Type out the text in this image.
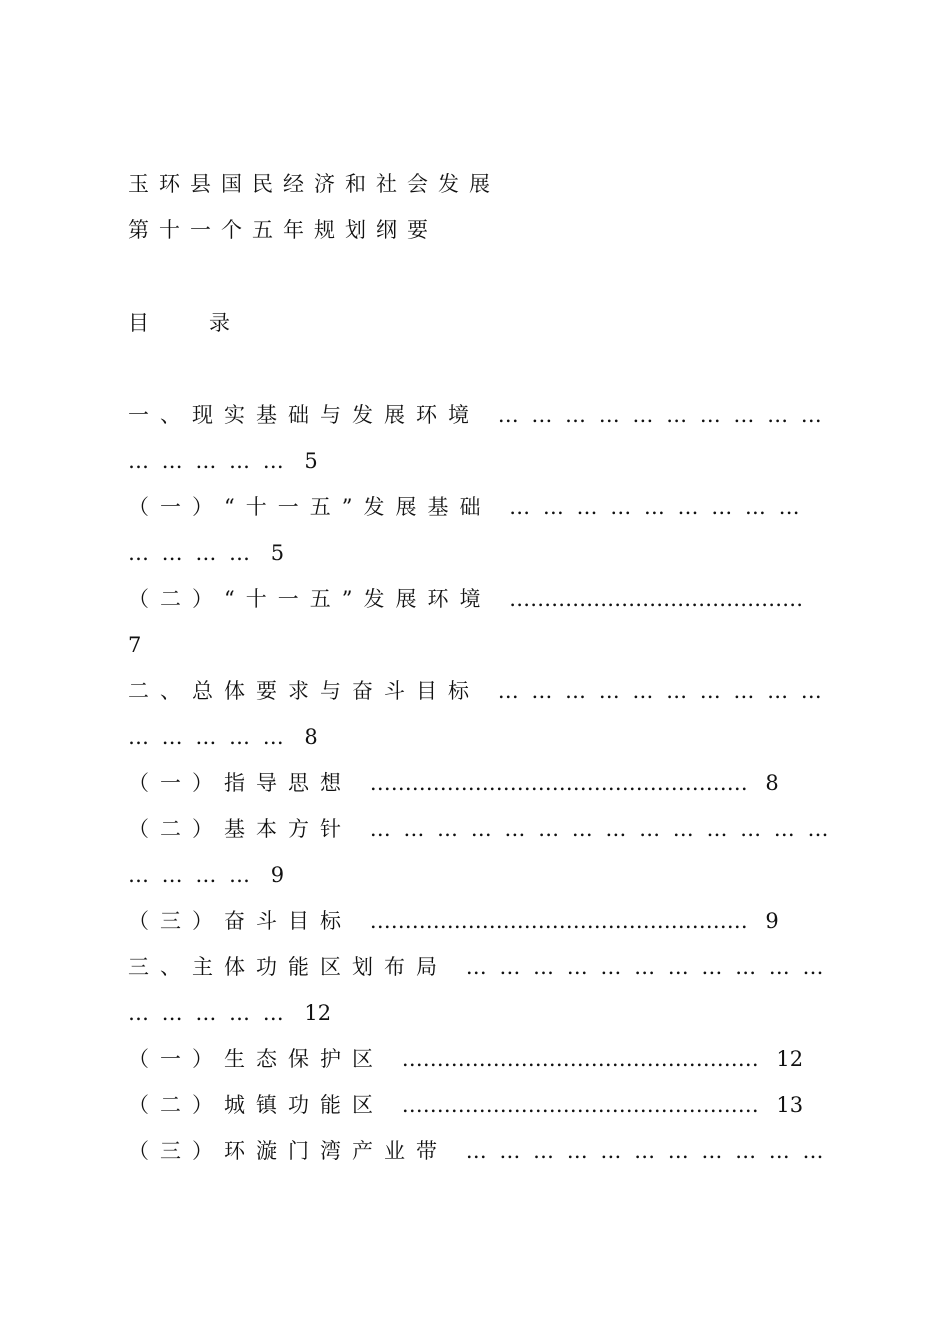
玉环县国民经济和社会发展
第十一个五年规划纲要
目	录
一、现实基础与发展环境 … … … … … … … … … …
… … … … … 5
（一）“十一五”发展基础 … … … … … … … … …
… … … … 5
（二）“十一五”发展环境 ……………………………………
7
二、总体要求与奋斗目标 … … … … … … … … … …
… … … … … 8
（一）指导思想 ……………………………………………… 8
（二）基本方针 … … … … … … … … … … … … … …
… … … … 9
（三）奋斗目标 ……………………………………………… 9
三、主体功能区划布局 … … … … … … … … … … …
… … … … … 12
（一）生态保护区 …………………………………………… 12
（二）城镇功能区 …………………………………………… 13
（三）环漩门湾产业带 … … … … … … … … … … …
